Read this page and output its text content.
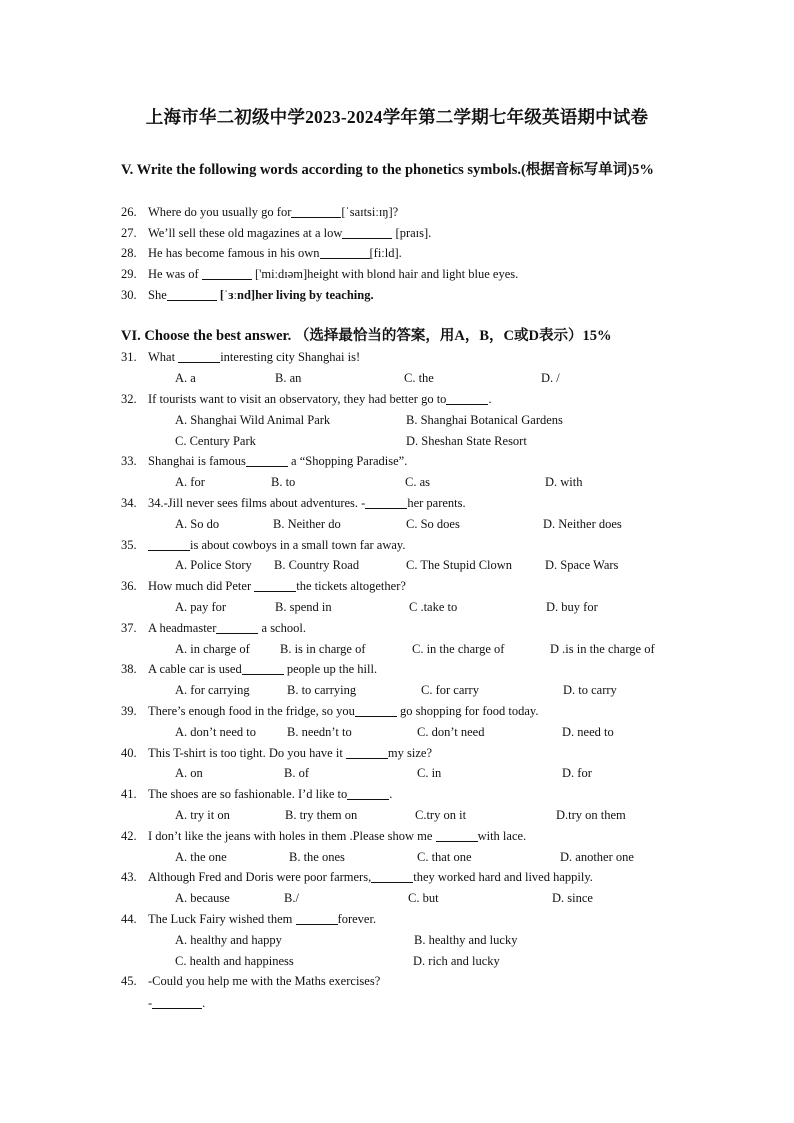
上海市华二初级中学2023-2024学年第二学期七年级英语期中试卷
V. Write the following words according to the phonetics symbols.(根据音标写单词)5%
26. Where do you usually go for	[ˈsaɪtsiːɪŋ]?
27. We’ll sell these old magazines at a low	[praɪs].
28. He has become famous in his own	[fiːld].
29. He was of	['miːdɪəm]height with blond hair and light blue eyes.
30. She	[ˈɜːnd]her living by teaching.
VI. Choose the best answer. （选择最恰当的答案，用A，B，C或D表示）15%
31. What	interesting city Shanghai is!
A. a	B. an	C. the	D. /
32. If tourists want to visit an observatory, they had better go to	.
A. Shanghai Wild Animal Park	B. Shanghai Botanical Gardens
C. Century Park	D. Sheshan State Resort
33. Shanghai is famous	a “Shopping Paradise”.
A. for	B. to	C. as	D. with
34. 34.-Jill never sees films about adventures. -	her parents.
A. So do	B. Neither do	C. So does	D. Neither does
35.	is about cowboys in a small town far away.
A. Police Story B. Country Road	C. The Stupid Clown	D. Space Wars
36. How much did Peter	the tickets altogether?
A. pay for	B. spend in	C .take to	D. buy for
37. A headmaster	a school.
A. in charge of B. is in charge of	C. in the charge of	D .is in the charge of
38. A cable car is used	people up the hill.
A. for carrying	B. to carrying	C. for carry	D. to carry
39. There’s enough food in the fridge, so you	go shopping for food today.
A. don’t need to B. needn’t to	C. don’t need	D. need to
40. This T-shirt is too tight. Do you have it	my size?
A. on	B. of	C. in	D. for
41. The shoes are so fashionable. I’d like to	.
A. try it on	B. try them on	C.try on it	D.try on them
42. I don’t like the jeans with holes in them .Please show me	with lace.
A. the one	B. the ones	C. that one	D. another one
43. Although Fred and Doris were poor farmers,	they worked hard and lived happily.
A. because	B./	C. but	D. since
44. The Luck Fairy wished them	forever.
A. healthy and happy	B. healthy and lucky
C. health and happiness	D. rich and lucky
45. -Could you help me with the Maths exercises?
-	.
